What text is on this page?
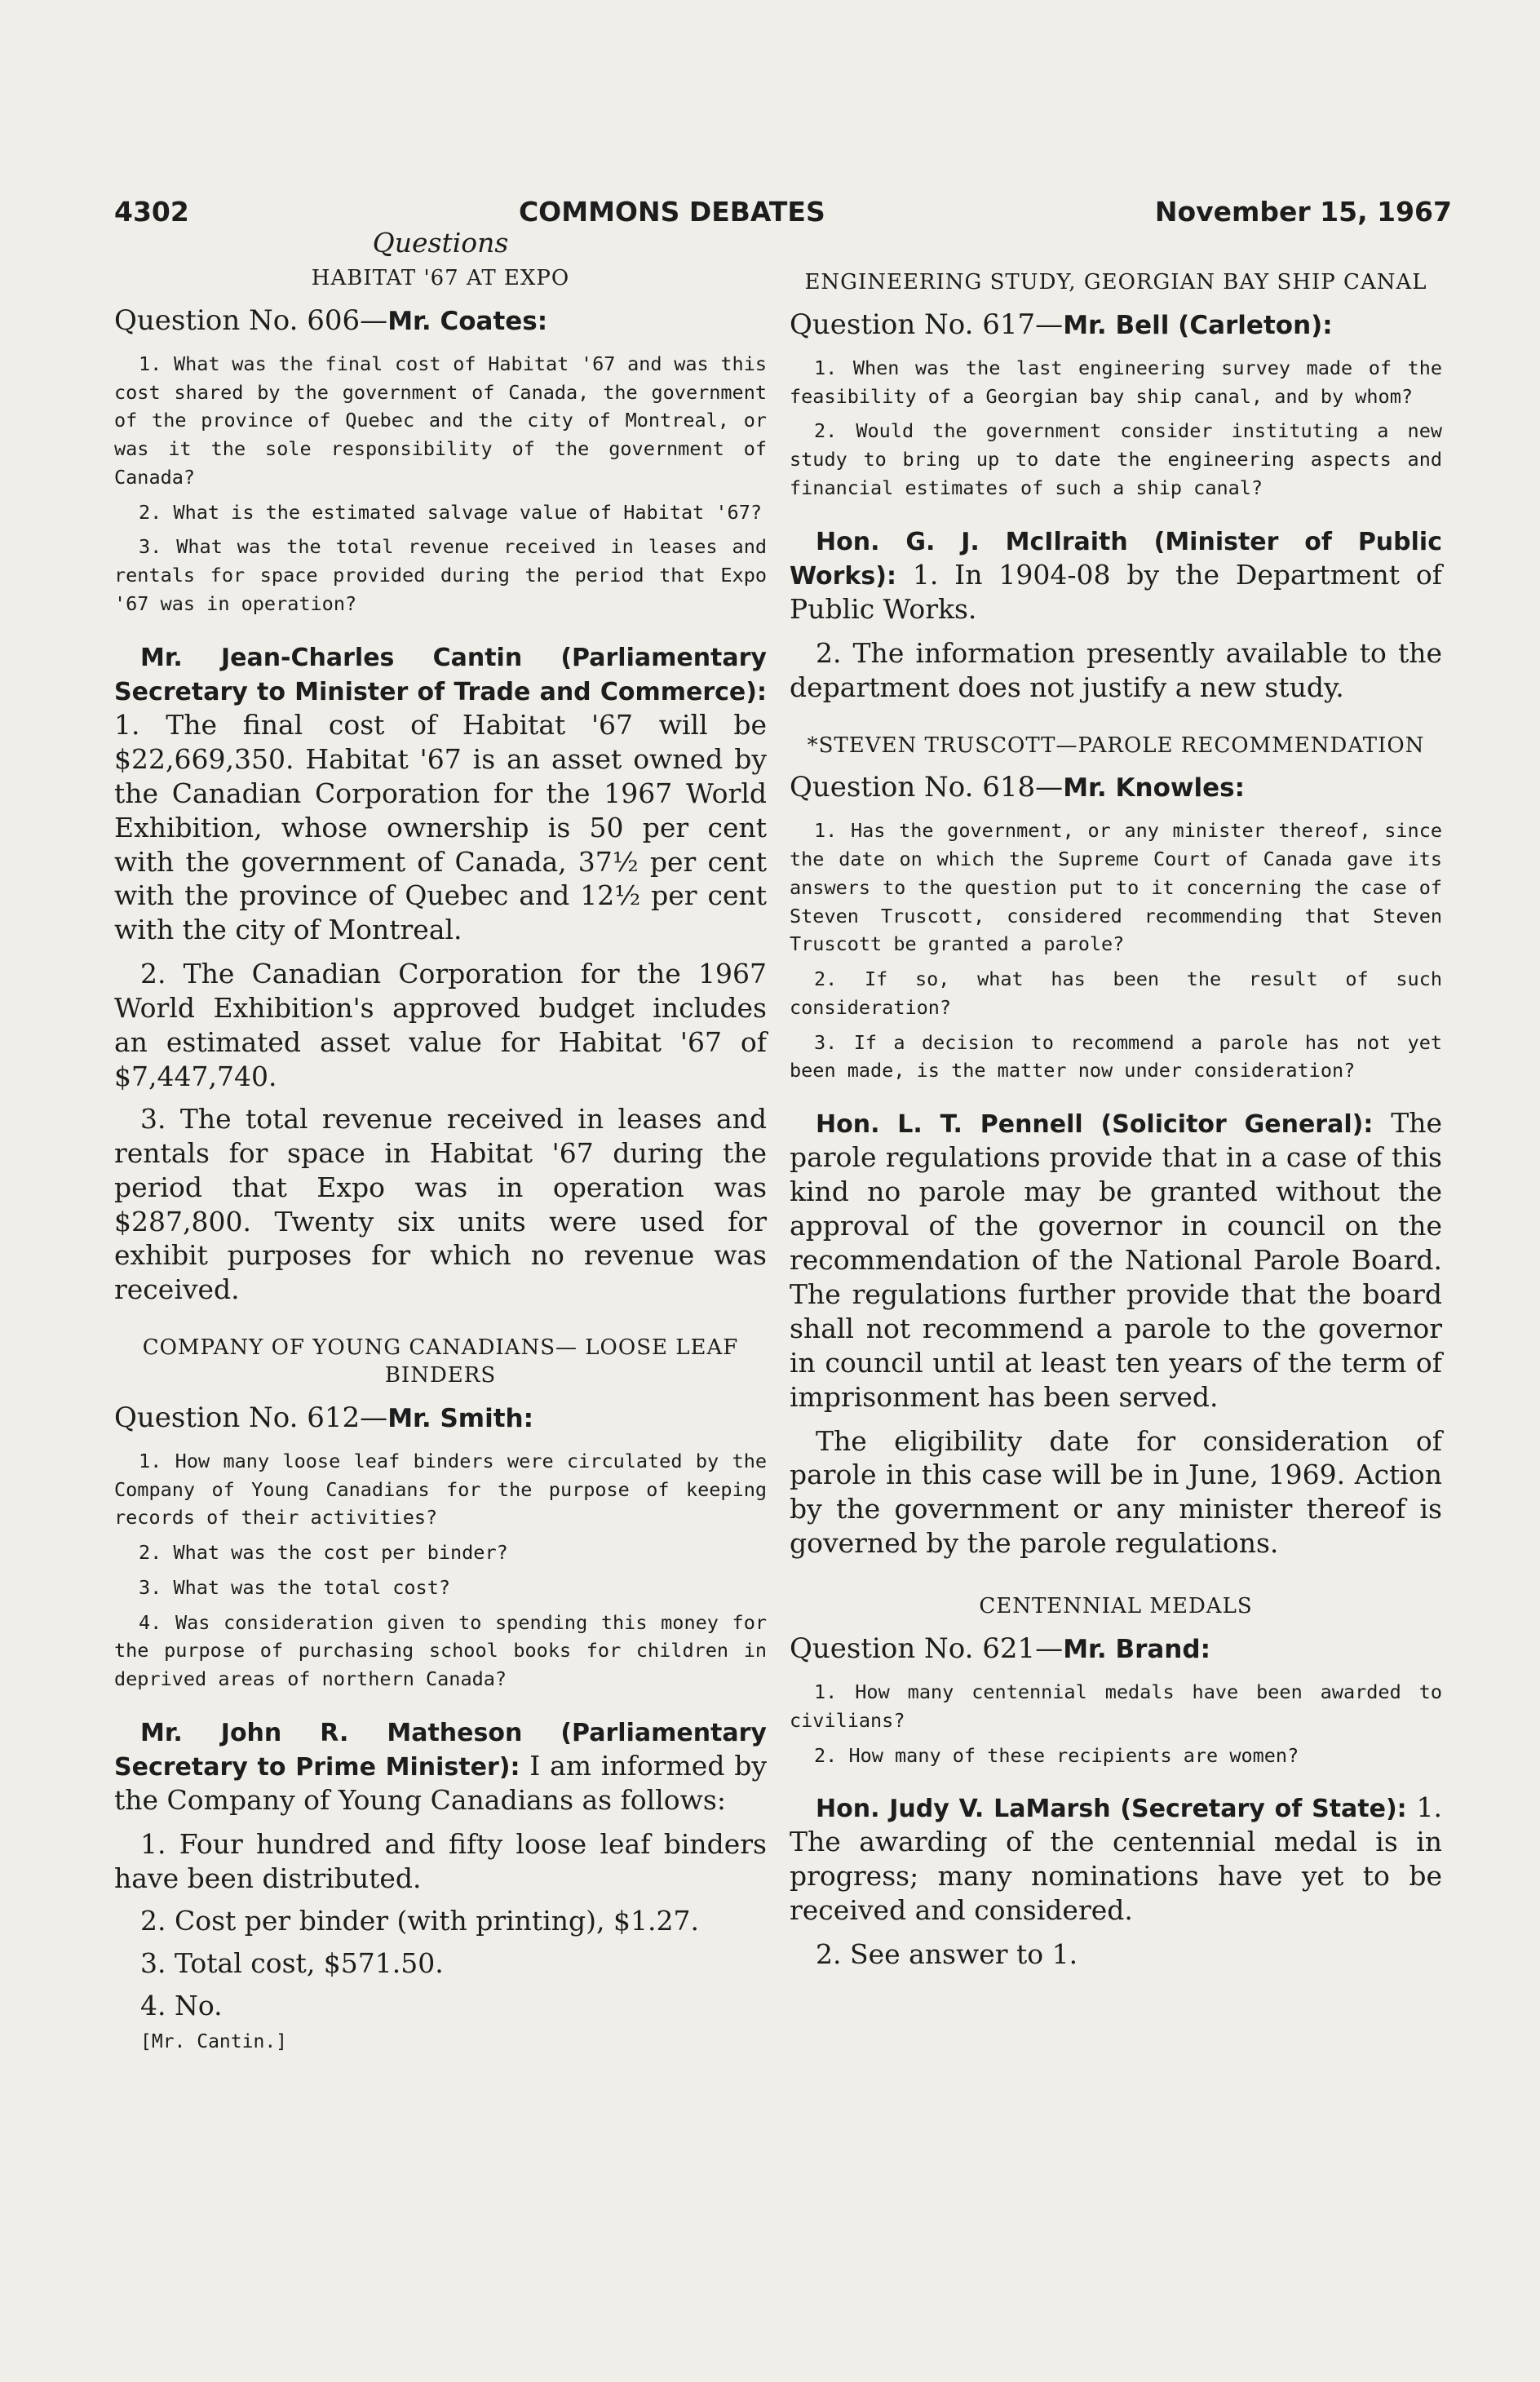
4302	COMMONS DEBATES	November 15, 1967
Questions
HABITAT '67 AT EXPO

Question No. 606—Mr. Coates:

1. What was the final cost of Habitat '67 and was this cost shared by the government of Canada, the government of the province of Quebec and the city of Montreal, or was it the sole responsibility of the government of Canada?

2. What is the estimated salvage value of Habitat '67?

3. What was the total revenue received in leases and rentals for space provided during the period that Expo '67 was in operation?

Mr. Jean-Charles Cantin (Parliamentary Secretary to Minister of Trade and Commerce): 1. The final cost of Habitat '67 will be $22,669,350. Habitat '67 is an asset owned by the Canadian Corporation for the 1967 World Exhibition, whose ownership is 50 per cent with the government of Canada, 37½ per cent with the province of Quebec and 12½ per cent with the city of Montreal.

2. The Canadian Corporation for the 1967 World Exhibition's approved budget includes an estimated asset value for Habitat '67 of $7,447,740.

3. The total revenue received in leases and rentals for space in Habitat '67 during the period that Expo was in operation was $287,800. Twenty six units were used for exhibit purposes for which no revenue was received.

COMPANY OF YOUNG CANADIANS— LOOSE LEAF BINDERS

Question No. 612—Mr. Smith:

1. How many loose leaf binders were circulated by the Company of Young Canadians for the purpose of keeping records of their activities?

2. What was the cost per binder?

3. What was the total cost?

4. Was consideration given to spending this money for the purpose of purchasing school books for children in deprived areas of northern Canada?

Mr. John R. Matheson (Parliamentary Secretary to Prime Minister): I am informed by the Company of Young Canadians as follows:

1. Four hundred and fifty loose leaf binders have been distributed.

2. Cost per binder (with printing), $1.27.

3. Total cost, $571.50.

4. No.

[Mr. Cantin.]

ENGINEERING STUDY, GEORGIAN BAY SHIP CANAL

Question No. 617—Mr. Bell (Carleton):

1. When was the last engineering survey made of the feasibility of a Georgian bay ship canal, and by whom?

2. Would the government consider instituting a new study to bring up to date the engineering aspects and financial estimates of such a ship canal?

Hon. G. J. McIlraith (Minister of Public Works): 1. In 1904-08 by the Department of Public Works.

2. The information presently available to the department does not justify a new study.

*STEVEN TRUSCOTT—PAROLE RECOMMENDATION

Question No. 618—Mr. Knowles:

1. Has the government, or any minister thereof, since the date on which the Supreme Court of Canada gave its answers to the question put to it concerning the case of Steven Truscott, considered recommending that Steven Truscott be granted a parole?

2. If so, what has been the result of such consideration?

3. If a decision to recommend a parole has not yet been made, is the matter now under consideration?

Hon. L. T. Pennell (Solicitor General): The parole regulations provide that in a case of this kind no parole may be granted without the approval of the governor in council on the recommendation of the National Parole Board. The regulations further provide that the board shall not recommend a parole to the governor in council until at least ten years of the term of imprisonment has been served.

The eligibility date for consideration of parole in this case will be in June, 1969. Action by the government or any minister thereof is governed by the parole regulations.

CENTENNIAL MEDALS

Question No. 621—Mr. Brand:

1. How many centennial medals have been awarded to civilians?

2. How many of these recipients are women?

Hon. Judy V. LaMarsh (Secretary of State): 1. The awarding of the centennial medal is in progress; many nominations have yet to be received and considered.

2. See answer to 1.
